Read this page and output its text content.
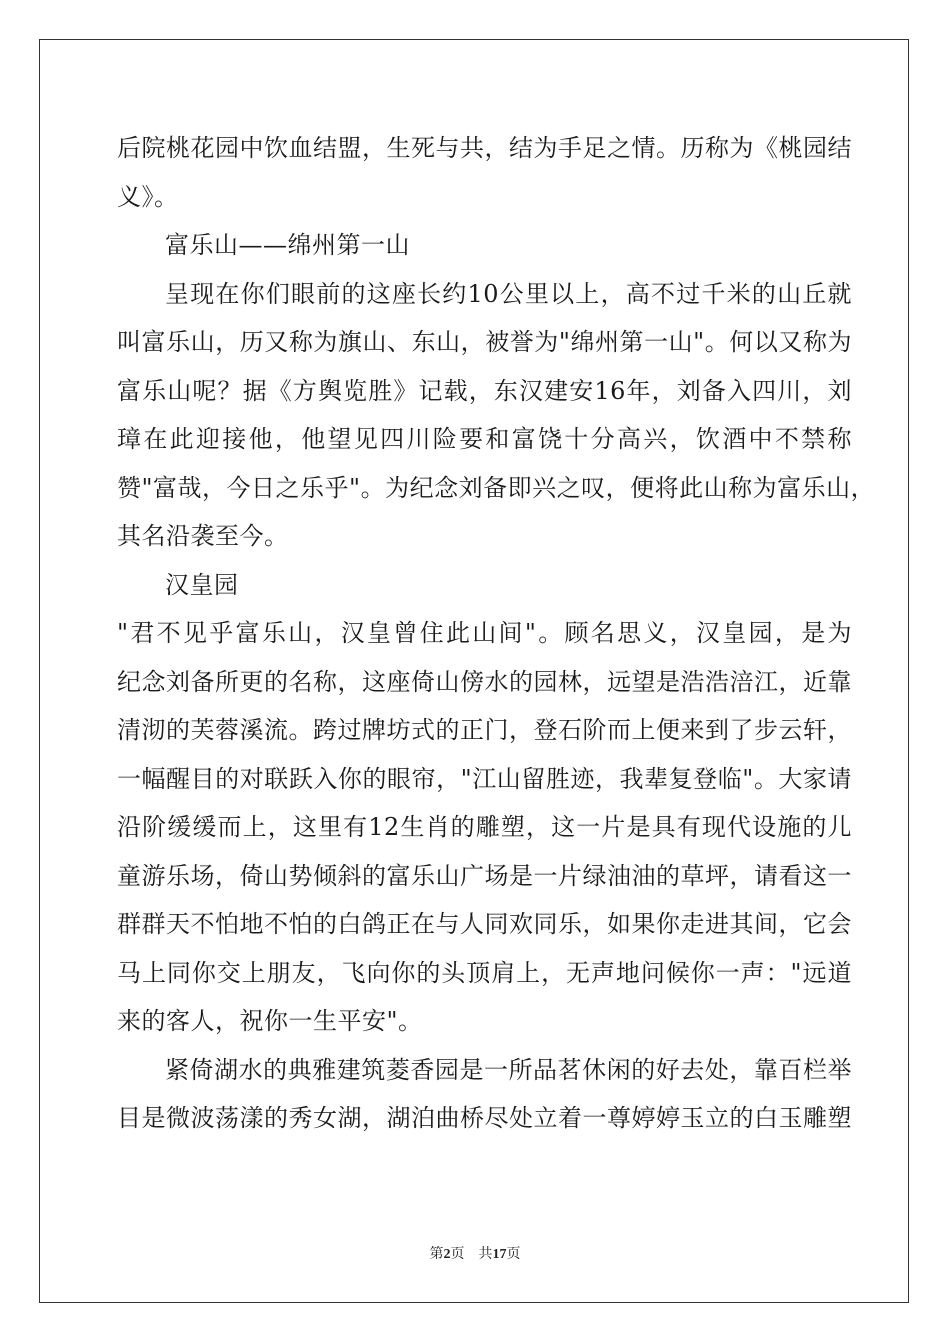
后院桃花园中饮血结盟，生死与共，结为手足之情。历称为《桃园结
义》。
富乐山——绵州第一山
呈现在你们眼前的这座长约10公里以上，高不过千米的山丘就
叫富乐山，历又称为旗山、东山，被誉为"绵州第一山"。何以又称为
富乐山呢？据《方舆览胜》记载，东汉建安16年，刘备入四川，刘
璋在此迎接他，他望见四川险要和富饶十分高兴，饮酒中不禁称
赞"富哉，今日之乐乎"。为纪念刘备即兴之叹，便将此山称为富乐山，
其名沿袭至今。
汉皇园
"君不见乎富乐山，汉皇曾住此山间"。顾名思义，汉皇园，是为
纪念刘备所更的名称，这座倚山傍水的园林，远望是浩浩涪江，近靠
清沏的芙蓉溪流。跨过牌坊式的正门，登石阶而上便来到了步云轩，
一幅醒目的对联跃入你的眼帘，"江山留胜迹，我辈复登临"。大家请
沿阶缓缓而上，这里有12生肖的雕塑，这一片是具有现代设施的儿
童游乐场，倚山势倾斜的富乐山广场是一片绿油油的草坪，请看这一
群群天不怕地不怕的白鸽正在与人同欢同乐，如果你走进其间，它会
马上同你交上朋友，飞向你的头顶肩上，无声地问候你一声："远道
来的客人，祝你一生平安"。
紧倚湖水的典雅建筑菱香园是一所品茗休闲的好去处，靠百栏举
目是微波荡漾的秀女湖，湖泊曲桥尽处立着一尊婷婷玉立的白玉雕塑
第2页 共17页
